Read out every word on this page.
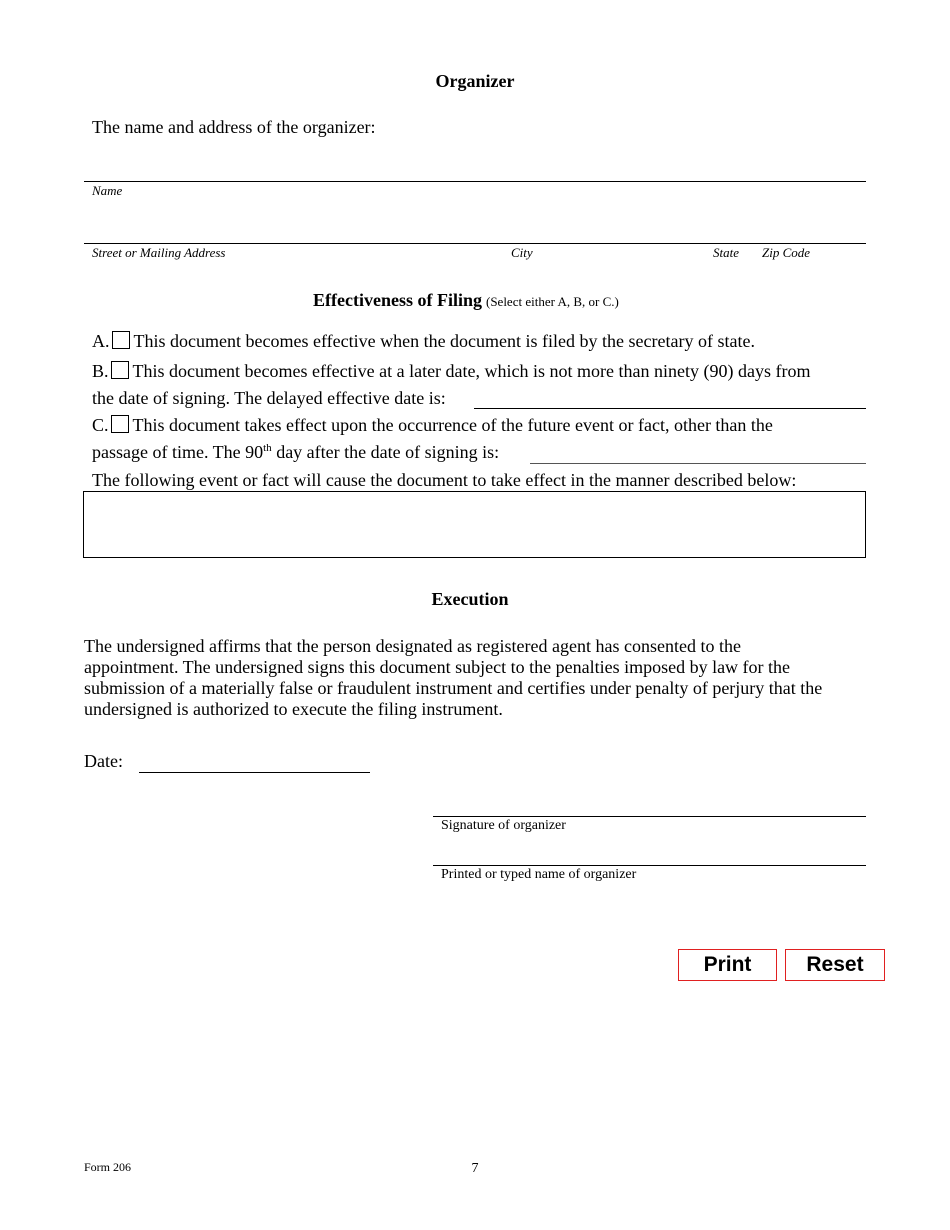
Organizer
The name and address of the organizer:
Name
Street or Mailing Address	City	State Zip Code
Effectiveness of Filing (Select either A, B, or C.)
A. This document becomes effective when the document is filed by the secretary of state.
B. This document becomes effective at a later date, which is not more than ninety (90) days from
the date of signing. The delayed effective date is:
C. This document takes effect upon the occurrence of the future event or fact, other than the
passage of time. The 90th day after the date of signing is:
The following event or fact will cause the document to take effect in the manner described below:
Execution
The undersigned affirms that the person designated as registered agent has consented to the
appointment. The undersigned signs this document subject to the penalties imposed by law for the
submission of a materially false or fraudulent instrument and certifies under penalty of perjury that the
undersigned is authorized to execute the filing instrument.
Date:
Signature of organizer
Printed or typed name of organizer
Print	Reset
Form 206	7
